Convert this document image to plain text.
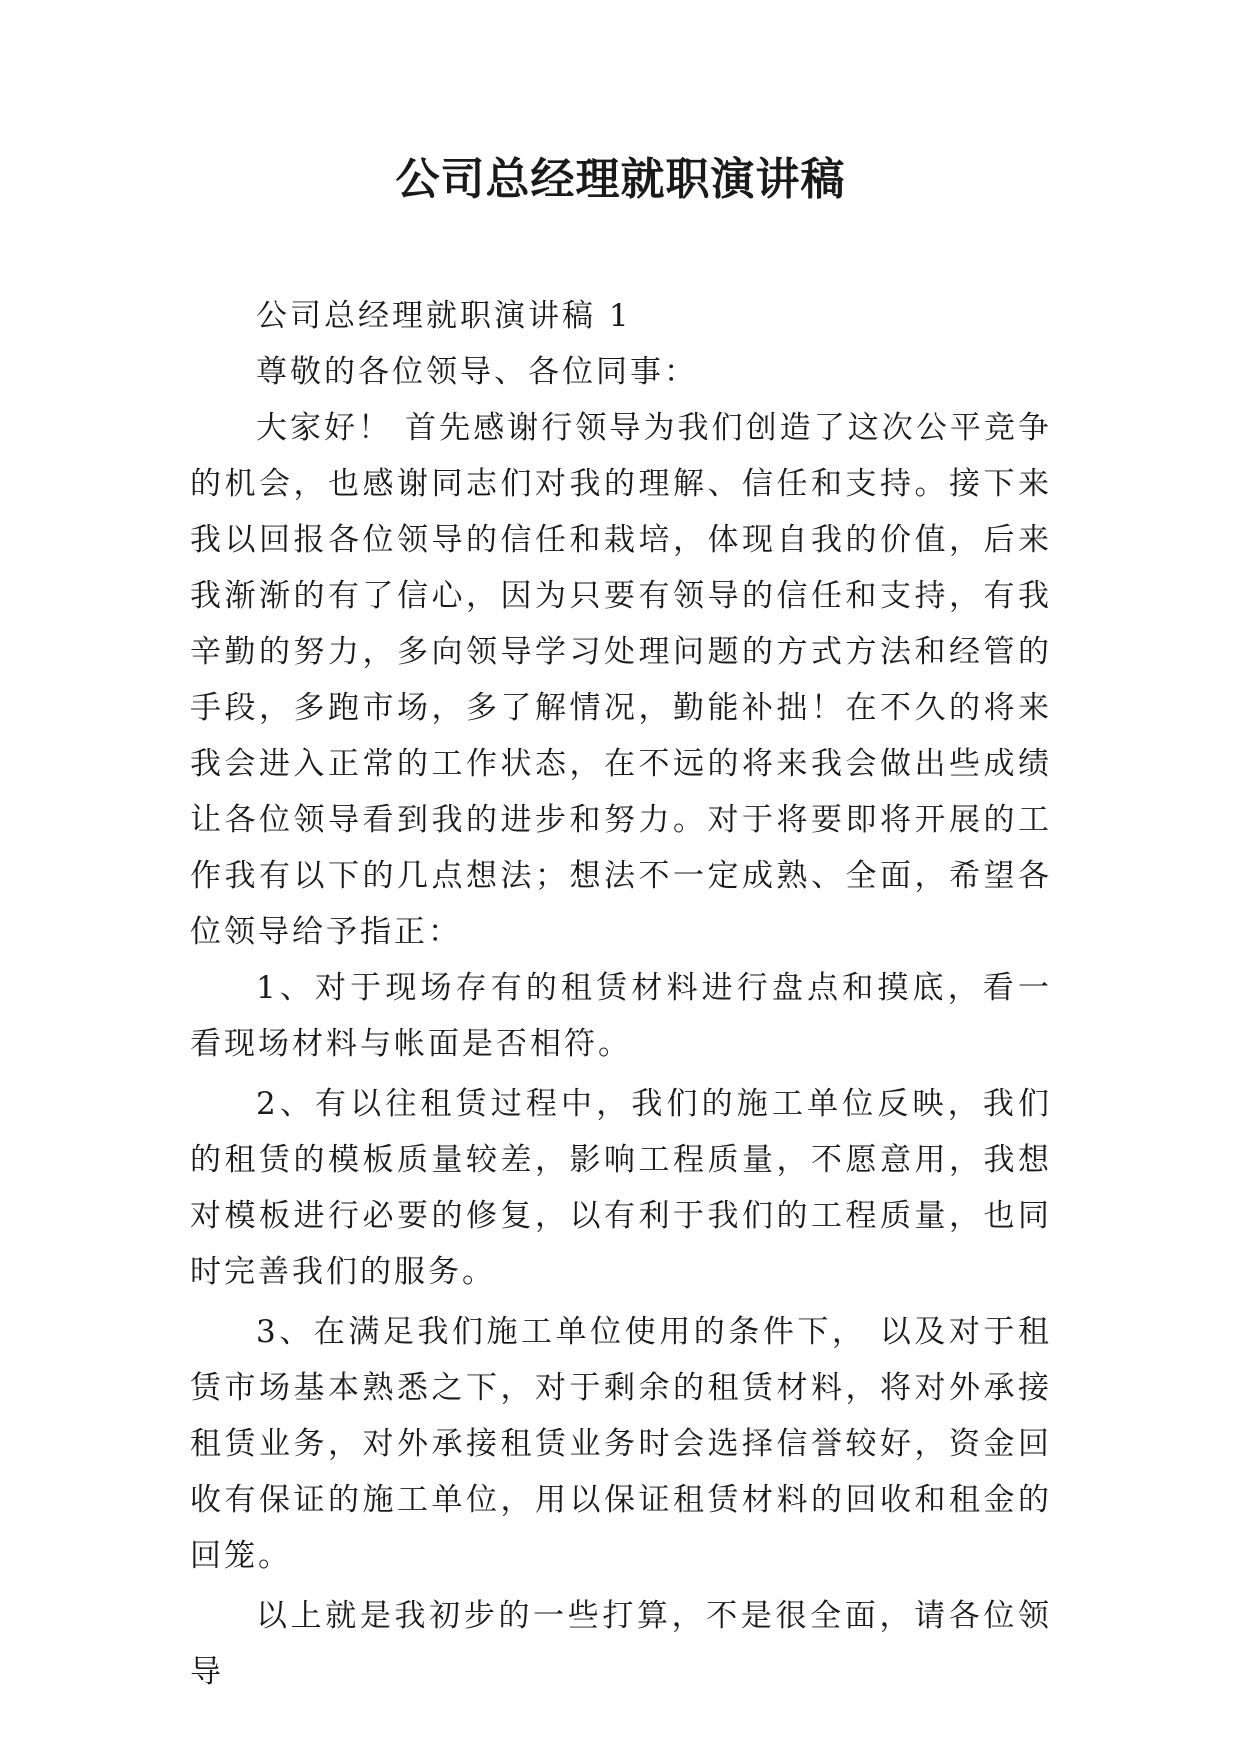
公司总经理就职演讲稿

公司总经理就职演讲稿 1

尊敬的各位领导、各位同事：

大家好！ 首先感谢行领导为我们创造了这次公平竞争的机会，也感谢同志们对我的理解、信任和支持。接下来我以回报各位领导的信任和栽培，体现自我的价值，后来我渐渐的有了信心，因为只要有领导的信任和支持，有我辛勤的努力，多向领导学习处理问题的方式方法和经管的手段，多跑市场，多了解情况，勤能补拙！在不久的将来我会进入正常的工作状态，在不远的将来我会做出些成绩让各位领导看到我的进步和努力。对于将要即将开展的工作我有以下的几点想法；想法不一定成熟、全面，希望各位领导给予指正：

1、对于现场存有的租赁材料进行盘点和摸底，看一看现场材料与帐面是否相符。

2、有以往租赁过程中，我们的施工单位反映，我们的租赁的模板质量较差，影响工程质量，不愿意用，我想对模板进行必要的修复，以有利于我们的工程质量，也同时完善我们的服务。

3、在满足我们施工单位使用的条件下， 以及对于租赁市场基本熟悉之下，对于剩余的租赁材料，将对外承接租赁业务，对外承接租赁业务时会选择信誉较好，资金回收有保证的施工单位，用以保证租赁材料的回收和租金的回笼。

以上就是我初步的一些打算，不是很全面，请各位领导
